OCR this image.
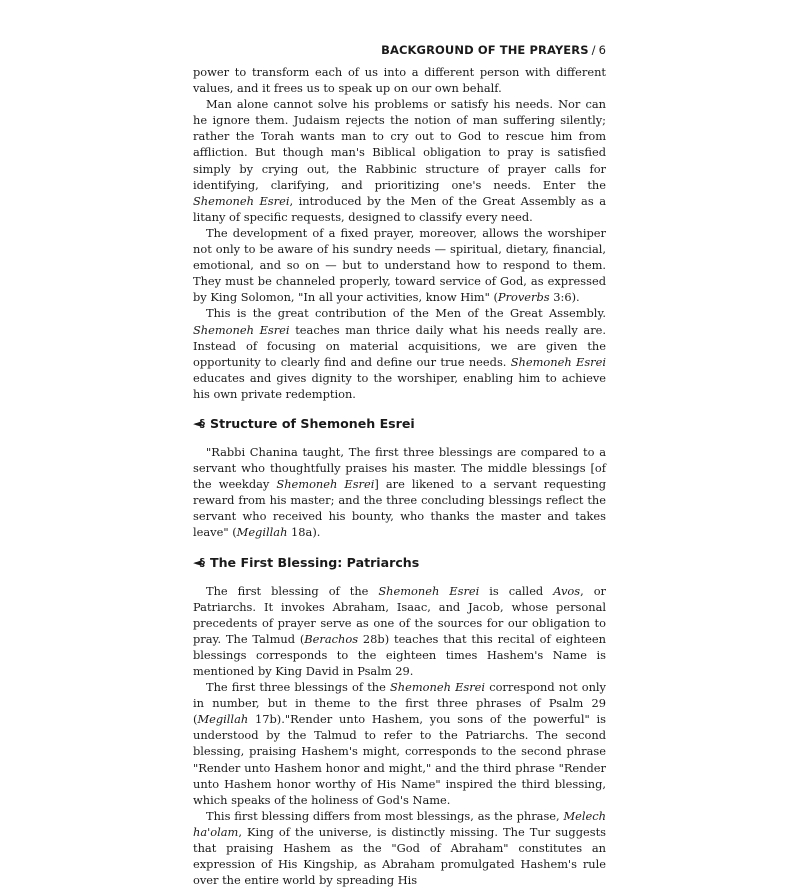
BACKGROUND OF THE PRAYERS / 6

power to transform each of us into a different person with different values, and it frees us to speak up on our own behalf.

Man alone cannot solve his problems or satisfy his needs. Nor can he ignore them. Judaism rejects the notion of man suffering silently; rather the Torah wants man to cry out to God to rescue him from affliction. But though man's Biblical obligation to pray is satisfied simply by crying out, the Rabbinic structure of prayer calls for identifying, clarifying, and prioritizing one's needs. Enter the Shemoneh Esrei, introduced by the Men of the Great Assembly as a litany of specific requests, designed to classify every need.

The development of a fixed prayer, moreover, allows the worshiper not only to be aware of his sundry needs — spiritual, dietary, financial, emotional, and so on — but to understand how to respond to them. They must be channeled properly, toward service of God, as expressed by King Solomon, "In all your activities, know Him" (Proverbs 3:6).

This is the great contribution of the Men of the Great Assembly. Shemoneh Esrei teaches man thrice daily what his needs really are. Instead of focusing on material acquisitions, we are given the opportunity to clearly find and define our true needs. Shemoneh Esrei educates and gives dignity to the worshiper, enabling him to achieve his own private redemption.

◄§ Structure of Shemoneh Esrei

"Rabbi Chanina taught, The first three blessings are compared to a servant who thoughtfully praises his master. The middle blessings [of the weekday Shemoneh Esrei] are likened to a servant requesting reward from his master; and the three concluding blessings reflect the servant who received his bounty, who thanks the master and takes leave" (Megillah 18a).

◄§ The First Blessing: Patriarchs

The first blessing of the Shemoneh Esrei is called Avos, or Patriarchs. It invokes Abraham, Isaac, and Jacob, whose personal precedents of prayer serve as one of the sources for our obligation to pray. The Talmud (Berachos 28b) teaches that this recital of eighteen blessings corresponds to the eighteen times Hashem's Name is mentioned by King David in Psalm 29.

The first three blessings of the Shemoneh Esrei correspond not only in number, but in theme to the first three phrases of Psalm 29 (Megillah 17b)."Render unto Hashem, you sons of the powerful" is understood by the Talmud to refer to the Patriarchs. The second blessing, praising Hashem's might, corresponds to the second phrase "Render unto Hashem honor and might," and the third phrase "Render unto Hashem honor worthy of His Name" inspired the third blessing, which speaks of the holiness of God's Name.

This first blessing differs from most blessings, as the phrase, Melech ha'olam, King of the universe, is distinctly missing. The Tur suggests that praising Hashem as the "God of Abraham" constitutes an expression of His Kingship, as Abraham promulgated Hashem's rule over the entire world by spreading His
